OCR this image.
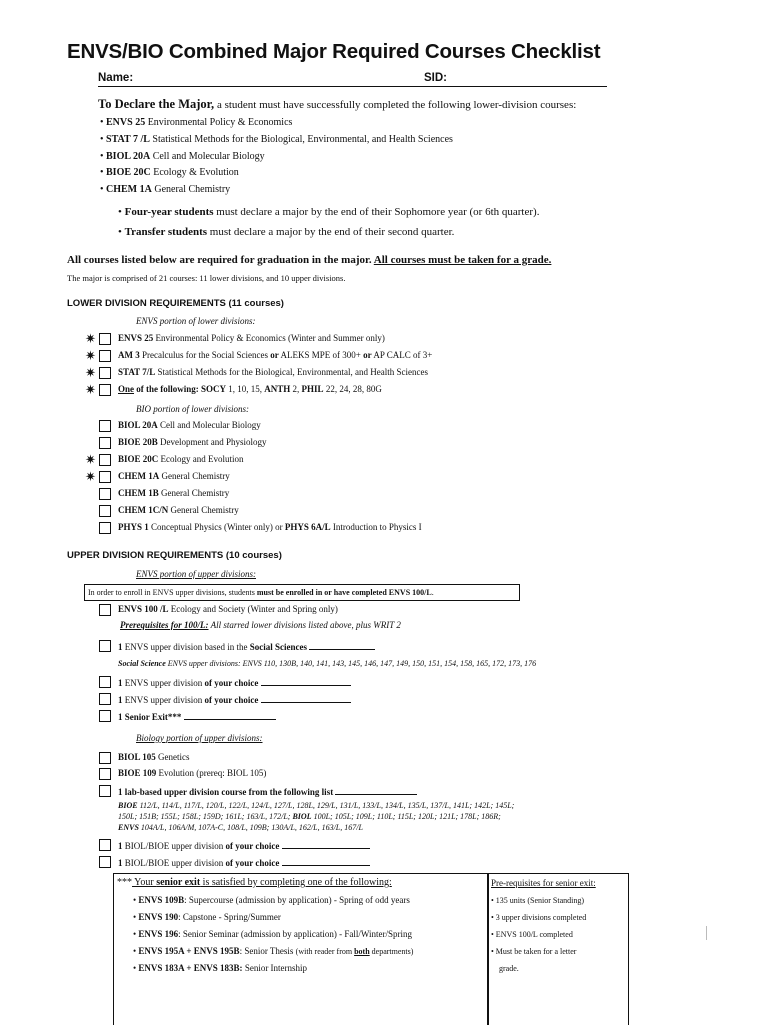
ENVS/BIO Combined Major Required Courses Checklist
Name:	SID:
To Declare the Major, a student must have successfully completed the following lower-division courses:
• ENVS 25 Environmental Policy & Economics
• STAT 7 /L Statistical Methods for the Biological, Environmental, and Health Sciences
• BIOL 20A Cell and Molecular Biology
• BIOE 20C Ecology & Evolution
• CHEM 1A General Chemistry
• Four-year students must declare a major by the end of their Sophomore year (or 6th quarter).
• Transfer students must declare a major by the end of their second quarter.
All courses listed below are required for graduation in the major. All courses must be taken for a grade.
The major is comprised of 21 courses: 11 lower divisions, and 10 upper divisions.
LOWER DIVISION REQUIREMENTS (11 courses)
ENVS portion of lower divisions:
✷ ENVS 25 Environmental Policy & Economics (Winter and Summer only)
✷ AM 3 Precalculus for the Social Sciences or ALEKS MPE of 300+ or AP CALC of 3+
✷ STAT 7/L Statistical Methods for the Biological, Environmental, and Health Sciences
✷ One of the following: SOCY 1, 10, 15, ANTH 2, PHIL 22, 24, 28, 80G
BIO portion of lower divisions:
BIOL 20A Cell and Molecular Biology
BIOE 20B Development and Physiology
✷ BIOE 20C Ecology and Evolution
✷ CHEM 1A General Chemistry
CHEM 1B General Chemistry
CHEM 1C/N General Chemistry
PHYS 1 Conceptual Physics (Winter only) or PHYS 6A/L Introduction to Physics I
UPPER DIVISION REQUIREMENTS (10 courses)
ENVS portion of upper divisions:
In order to enroll in ENVS upper divisions, students must be enrolled in or have completed ENVS 100/L.
ENVS 100 /L Ecology and Society (Winter and Spring only)
Prerequisites for 100/L: All starred lower divisions listed above, plus WRIT 2
1 ENVS upper division based in the Social Sciences
Social Science ENVS upper divisions: ENVS 110, 130B, 140, 141, 143, 145, 146, 147, 149, 150, 151, 154, 158, 165, 172, 173, 176
1 ENVS upper division of your choice
1 ENVS upper division of your choice
1 Senior Exit***
Biology portion of upper divisions:
BIOL 105 Genetics
BIOE 109 Evolution (prereq: BIOL 105)
1 lab-based upper division course from the following list
BIOE 112/L, 114/L, 117/L, 120/L, 122/L, 124/L, 127/L, 128L, 129/L, 131/L, 133/L, 134/L, 135/L, 137/L, 141L; 142L; 145L;
150L; 151B; 155L; 158L; 159D; 161L; 163/L, 172/L; BIOL 100L; 105L; 109L; 110L; 115L; 120L; 121L; 178L; 186R;
ENVS 104A/L, 106A/M, 107A-C, 108/L, 109B; 130A/L, 162/L, 163/L, 167/L
1 BIOL/BIOE upper division of your choice
1 BIOL/BIOE upper division of your choice
*** Your senior exit is satisfied by completing one of the following:
• ENVS 109B: Supercourse (admission by application) - Spring of odd years
• ENVS 190: Capstone - Spring/Summer
• ENVS 196: Senior Seminar (admission by application) - Fall/Winter/Spring
• ENVS 195A + ENVS 195B: Senior Thesis (with reader from both departments)
• ENVS 183A + ENVS 183B: Senior Internship
Pre-requisites for senior exit:
• 135 units (Senior Standing)
• 3 upper divisions completed
• ENVS 100/L completed
• Must be taken for a letter
grade.
